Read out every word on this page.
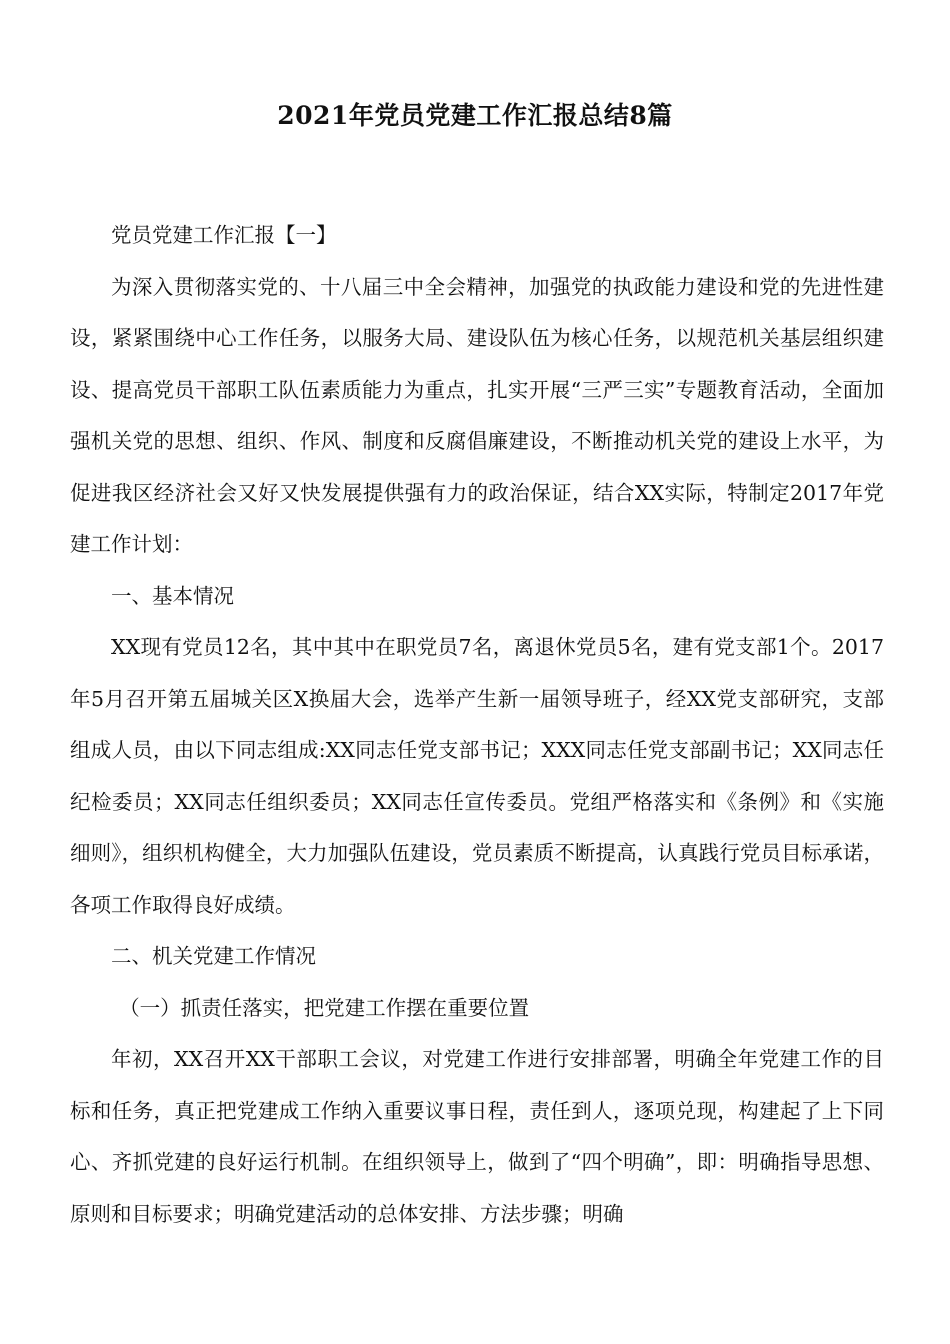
2021年党员党建工作汇报总结8篇

党员党建工作汇报【一】

为深入贯彻落实党的、十八届三中全会精神，加强党的执政能力建设和党的先进性建设，紧紧围绕中心工作任务，以服务大局、建设队伍为核心任务，以规范机关基层组织建设、提高党员干部职工队伍素质能力为重点，扎实开展“三严三实”专题教育活动，全面加强机关党的思想、组织、作风、制度和反腐倡廉建设，不断推动机关党的建设上水平，为促进我区经济社会又好又快发展提供强有力的政治保证，结合XX实际，特制定2017年党建工作计划：

一、基本情况

XX现有党员12名，其中其中在职党员7名，离退休党员5名，建有党支部1个。2017年5月召开第五届城关区X换届大会，选举产生新一届领导班子，经XX党支部研究，支部组成人员，由以下同志组成:XX同志任党支部书记；XXX同志任党支部副书记；XX同志任纪检委员；XX同志任组织委员；XX同志任宣传委员。党组严格落实和《条例》和《实施细则》，组织机构健全，大力加强队伍建设，党员素质不断提高，认真践行党员目标承诺，各项工作取得良好成绩。

二、机关党建工作情况

（一）抓责任落实，把党建工作摆在重要位置

年初，XX召开XX干部职工会议，对党建工作进行安排部署，明确全年党建工作的目标和任务，真正把党建成工作纳入重要议事日程，责任到人，逐项兑现，构建起了上下同心、齐抓党建的良好运行机制。在组织领导上，做到了“四个明确”，即：明确指导思想、原则和目标要求；明确党建活动的总体安排、方法步骤；明确
